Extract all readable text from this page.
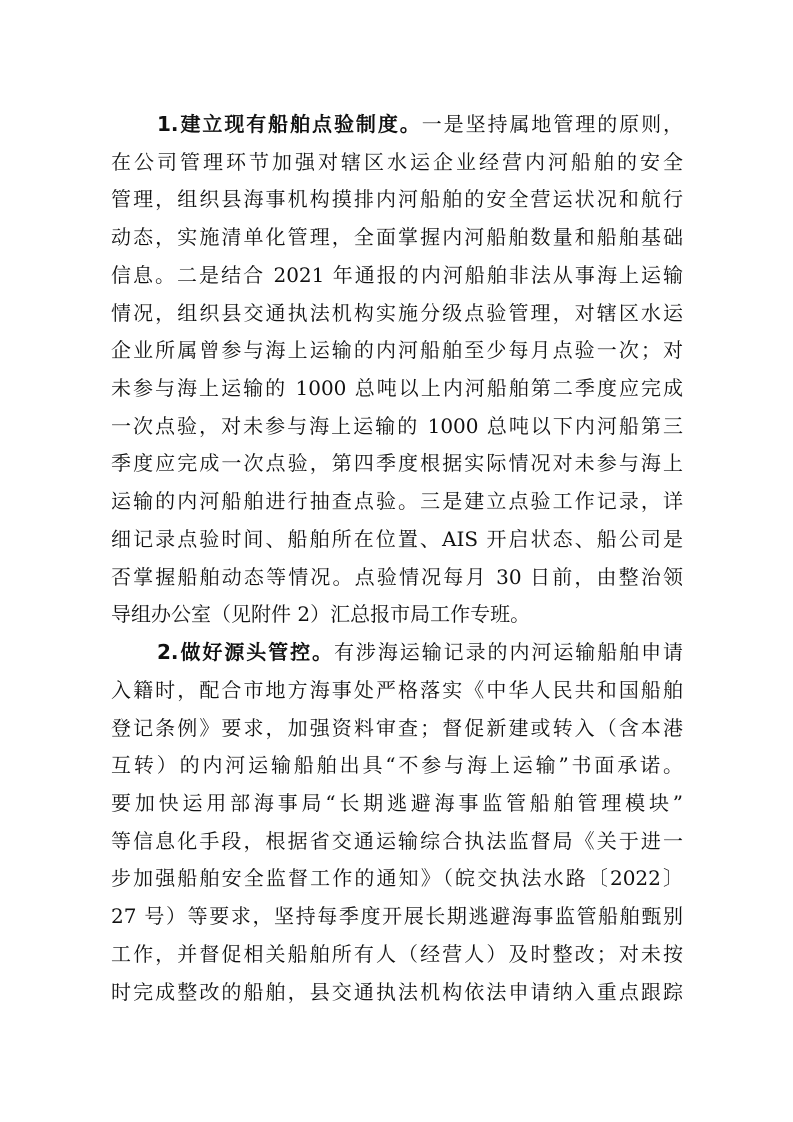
1.建立现有船舶点验制度。一是坚持属地管理的原则，
在公司管理环节加强对辖区水运企业经营内河船舶的安全
管理，组织县海事机构摸排内河船舶的安全营运状况和航行
动态，实施清单化管理，全面掌握内河船舶数量和船舶基础
信息。二是结合 2021 年通报的内河船舶非法从事海上运输
情况，组织县交通执法机构实施分级点验管理，对辖区水运
企业所属曾参与海上运输的内河船舶至少每月点验一次；对
未参与海上运输的 1000 总吨以上内河船舶第二季度应完成
一次点验，对未参与海上运输的 1000 总吨以下内河船第三
季度应完成一次点验，第四季度根据实际情况对未参与海上
运输的内河船舶进行抽查点验。三是建立点验工作记录，详
细记录点验时间、船舶所在位置、AIS 开启状态、船公司是
否掌握船舶动态等情况。点验情况每月 30 日前，由整治领
导组办公室（见附件 2）汇总报市局工作专班。
2.做好源头管控。有涉海运输记录的内河运输船舶申请
入籍时，配合市地方海事处严格落实《中华人民共和国船舶
登记条例》要求，加强资料审查；督促新建或转入（含本港
互转）的内河运输船舶出具“不参与海上运输”书面承诺。
要加快运用部海事局“长期逃避海事监管船舶管理模块”
等信息化手段，根据省交通运输综合执法监督局《关于进一
步加强船舶安全监督工作的通知》（皖交执法水路〔2022〕
27 号）等要求，坚持每季度开展长期逃避海事监管船舶甄别
工作，并督促相关船舶所有人（经营人）及时整改；对未按
时完成整改的船舶，县交通执法机构依法申请纳入重点跟踪
